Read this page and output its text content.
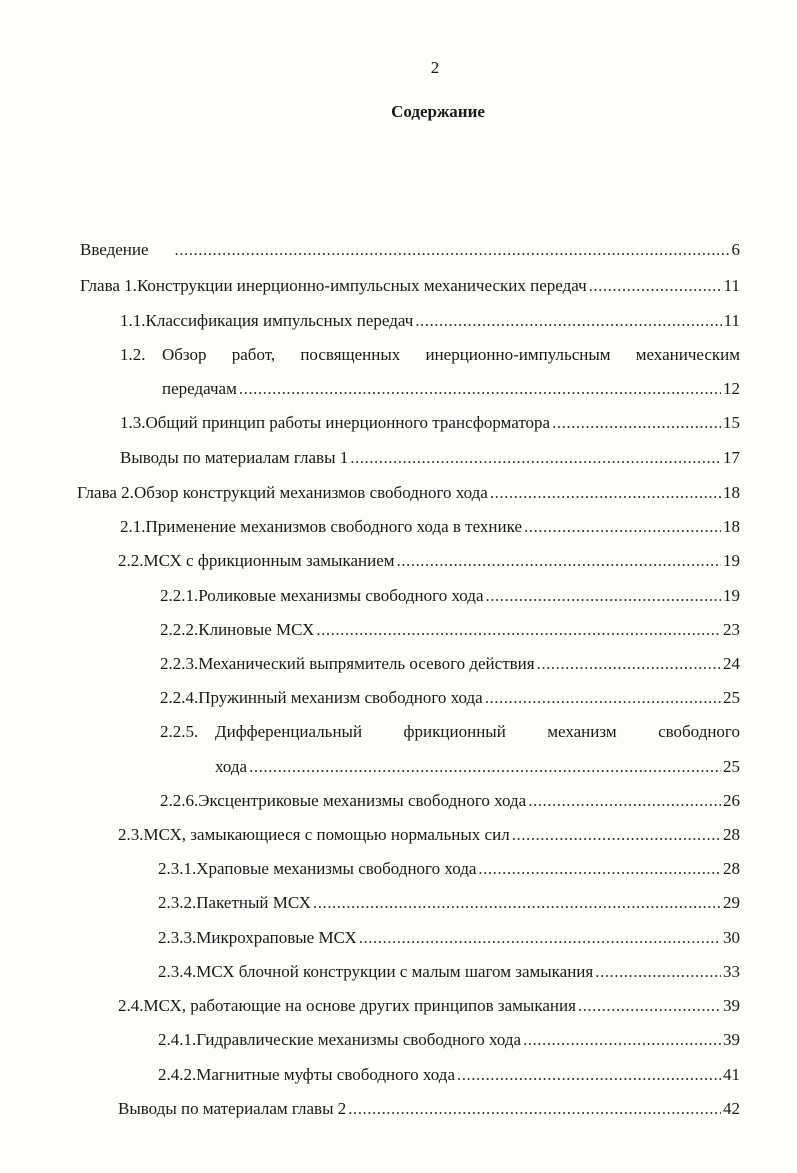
2
Содержание
Введение .....	6
Глава 1. Конструкции инерционно-импульсных механических передач .....	11
1.1. Классификация импульсных передач .....	11
1.2. Обзор работ, посвященных инерционно-импульсным механическим
передачам .....	12
1.3. Общий принцип работы инерционного трансформатора .....	15
Выводы по материалам главы 1 .....	17
Глава 2. Обзор конструкций механизмов свободного хода .....	18
2.1. Применение механизмов свободного хода в технике .....	18
2.2. МСХ с фрикционным замыканием .....	19
2.2.1. Роликовые механизмы свободного хода .....	19
2.2.2. Клиновые МСХ .....	23
2.2.3. Механический выпрямитель осевого действия .....	24
2.2.4. Пружинный механизм свободного хода .....	25
2.2.5. Дифференциальный фрикционный механизм свободного
хода .....	25
2.2.6. Эксцентриковые механизмы свободного хода .....	26
2.3. МСХ, замыкающиеся с помощью нормальных сил .....	28
2.3.1. Храповые механизмы свободного хода .....	28
2.3.2. Пакетный МСХ .....	29
2.3.3. Микрохраповые МСХ .....	30
2.3.4. МСХ блочной конструкции с малым шагом замыкания .....	33
2.4. МСХ, работающие на основе других принципов замыкания .....	39
2.4.1. Гидравлические механизмы свободного хода .....	39
2.4.2. Магнитные муфты свободного хода .....	41
Выводы по материалам главы 2 .....	42
